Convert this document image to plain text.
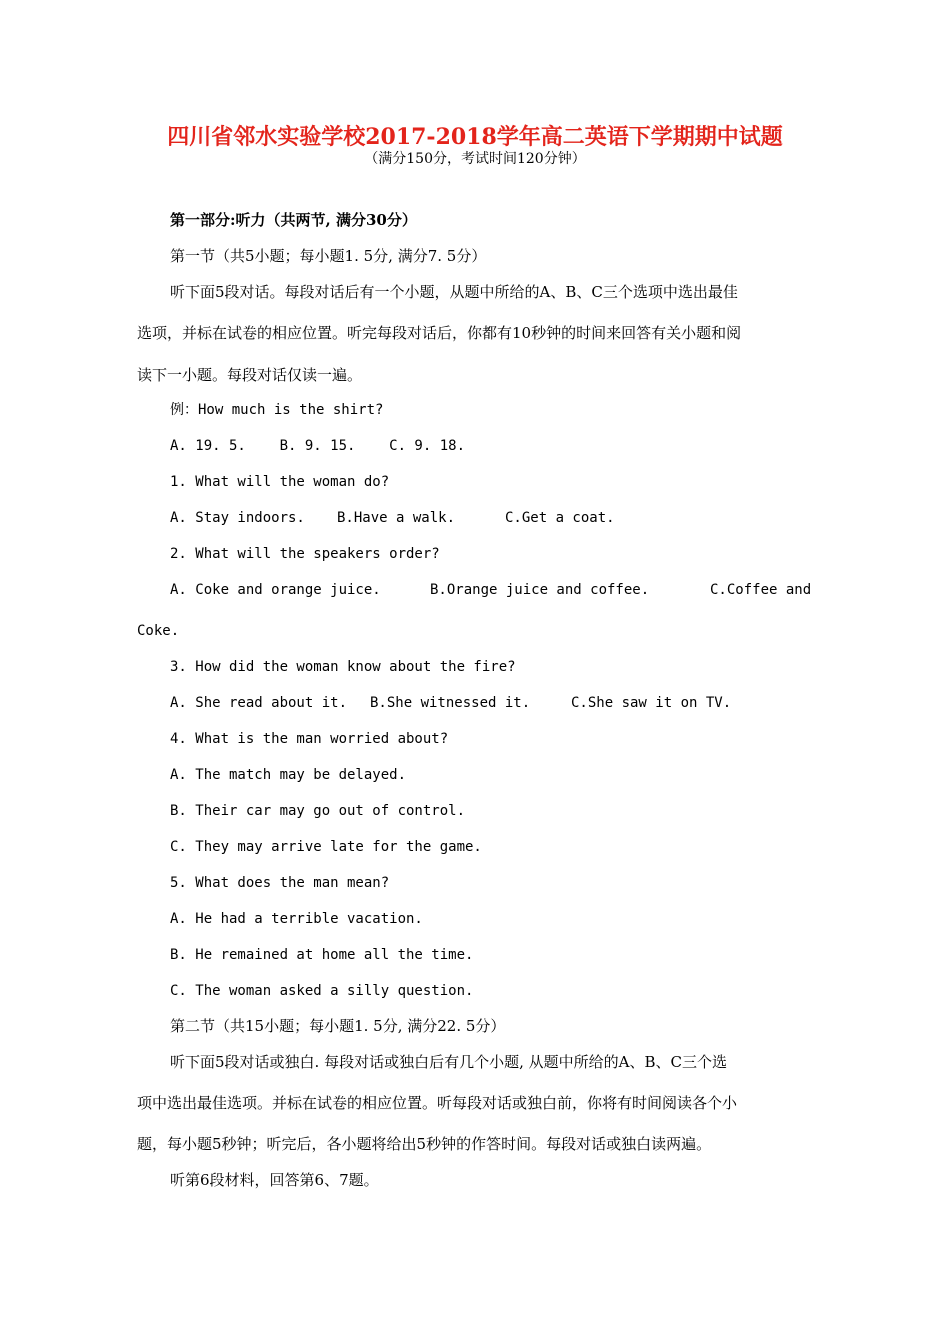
四川省邻水实验学校2017-2018学年高二英语下学期期中试题
（满分150分，考试时间120分钟）
第一部分:听力（共两节, 满分30分）
第一节（共5小题；每小题1. 5分, 满分7. 5分）
听下面5段对话。每段对话后有一个小题，从题中所给的A、B、C三个选项中选出最佳
选项，并标在试卷的相应位置。听完每段对话后，你都有10秒钟的时间来回答有关小题和阅
读下一小题。每段对话仅读一遍。
例：How much is the shirt?
A. 19. 5.    B. 9. 15.    C. 9. 18.
1. What will the woman do?
A. Stay indoors. B.Have a walk.	C.Get a coat.
2. What will the speakers order?
A. Coke and orange juice.	B.Orange juice and coffee.	C.Coffee and
Coke.
3. How did the woman know about the fire?
A. She read about it. B.She witnessed it.	C.She saw it on TV.
4. What is the man worried about?
A. The match may be delayed.
B. Their car may go out of control.
C. They may arrive late for the game.
5. What does the man mean?
A. He had a terrible vacation.
B. He remained at home all the time.
C. The woman asked a silly question.
第二节（共15小题；每小题1. 5分, 满分22. 5分）
听下面5段对话或独白. 每段对话或独白后有几个小题, 从题中所给的A、B、C三个选
项中选出最佳选项。并标在试卷的相应位置。听每段对话或独白前，你将有时间阅读各个小
题，每小题5秒钟；听完后，各小题将给出5秒钟的作答时间。每段对话或独白读两遍。
听第6段材料，回答第6、7题。
